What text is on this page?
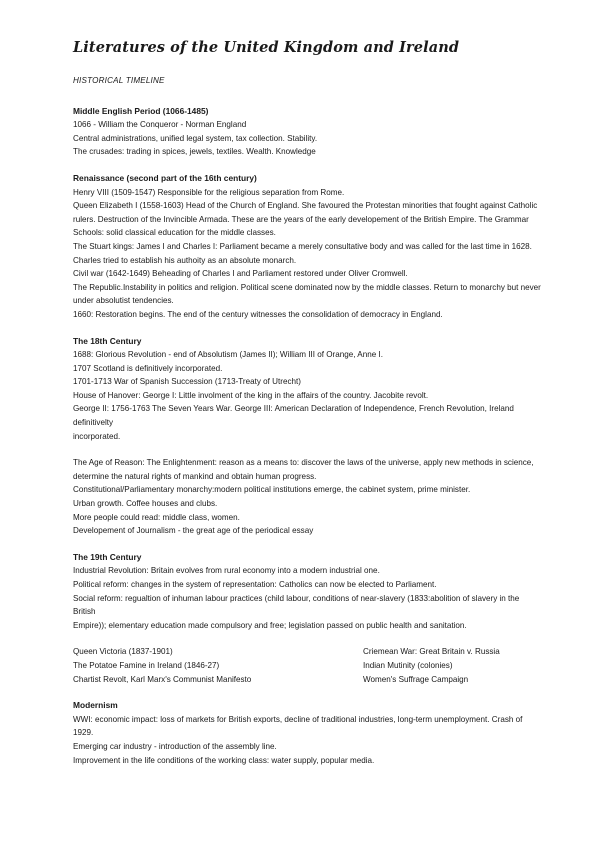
Literatures of the United Kingdom and Ireland

HISTORICAL TIMELINE

Middle English Period (1066-1485)

1066 - William the Conqueror - Norman England

Central administrations, unified legal system, tax collection. Stability.

The crusades: trading in spices, jewels, textiles. Wealth. Knowledge

Renaissance (second part of the 16th century)

Henry VIII (1509-1547) Responsible for the religious separation from Rome.

Queen Elizabeth I (1558-1603) Head of the Church of England. She favoured the Protestan minorities that fought against Catholic

rulers. Destruction of the Invincible Armada. These are the years of the early developement of the British Empire. The Grammar

Schools: solid classical education for the middle classes.

The Stuart kings: James I and Charles I: Parliament became a merely consultative body and was called for the last time in 1628.

Charles tried to establish his authoity as an absolute monarch.

Civil war (1642-1649) Beheading of Charles I and Parliament restored under Oliver Cromwell.

The Republic.Instability in politics and religion. Political scene dominated now by the middle classes. Return to monarchy but never

under absolutist tendencies.

1660: Restoration begins. The end of the century witnesses the consolidation of democracy in England.

The 18th Century

1688: Glorious Revolution - end of Absolutism (James II); William III of Orange, Anne I.

1707 Scotland is definitively incorporated.

1701-1713 War of Spanish Succession (1713-Treaty of Utrecht)

House of Hanover: George I: Little involment of the king in the affairs of the country. Jacobite revolt.

George II: 1756-1763 The Seven Years War. George III: American Declaration of Independence, French Revolution, Ireland definitivelty

incorporated.

The Age of Reason: The Enlightenment: reason as a means to: discover the laws of the universe, apply new methods in science,

determine the natural rights of mankind and obtain human progress.

Constitutional/Parliamentary monarchy:modern political institutions emerge, the cabinet system, prime minister.

Urban growth. Coffee houses and clubs.

More people could read: middle class, women.

Developement of Journalism - the great age of the periodical essay

The 19th Century

Industrial Revolution: Britain evolves from rural economy into a modern industrial one.

Political reform: changes in the system of representation: Catholics can now be elected to Parliament.

Social reform: regualtion of inhuman labour practices (child labour, conditions of near-slavery (1833:abolition of slavery in the British

Empire)); elementary education made compulsory and free; legislation passed on public health and sanitation.

Queen Victoria (1837-1901)	Criemean War: Great Britain v. Russia

The Potatoe Famine in Ireland (1846-27)	Indian Mutinity (colonies)

Chartist Revolt, Karl Marx's Communist Manifesto	Women's Suffrage Campaign

Modernism

WWI: economic impact: loss of markets for British exports, decline of traditional industries, long-term unemployment. Crash of 1929.

Emerging car industry - introduction of the assembly line.

Improvement in the life conditions of the working class: water supply, popular media.
